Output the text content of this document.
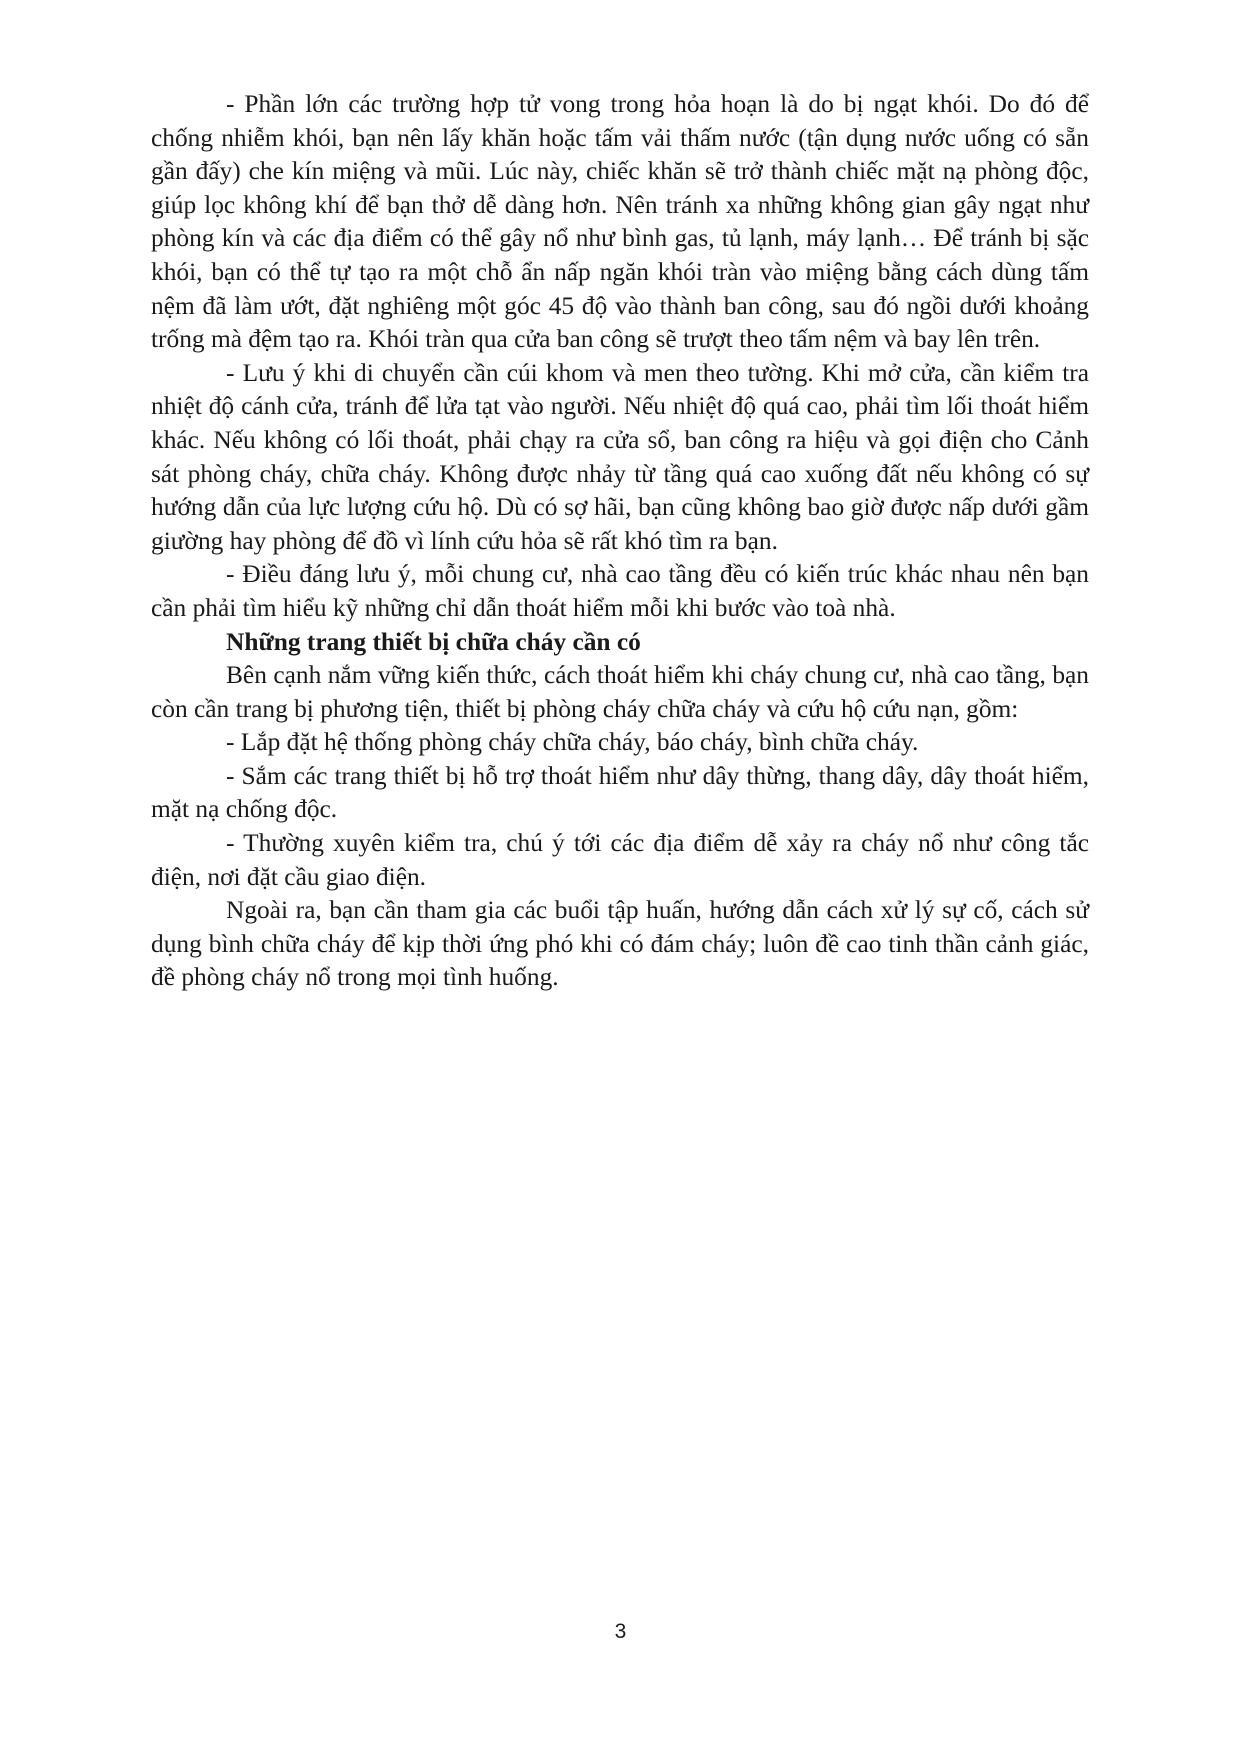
- Phần lớn các trường hợp tử vong trong hỏa hoạn là do bị ngạt khói. Do đó để chống nhiễm khói, bạn nên lấy khăn hoặc tấm vải thấm nước (tận dụng nước uống có sẵn gần đấy) che kín miệng và mũi. Lúc này, chiếc khăn sẽ trở thành chiếc mặt nạ phòng độc, giúp lọc không khí để bạn thở dễ dàng hơn. Nên tránh xa những không gian gây ngạt như phòng kín và các địa điểm có thể gây nổ như bình gas, tủ lạnh, máy lạnh… Để tránh bị sặc khói, bạn có thể tự tạo ra một chỗ ẩn nấp ngăn khói tràn vào miệng bằng cách dùng tấm nệm đã làm ướt, đặt nghiêng một góc 45 độ vào thành ban công, sau đó ngồi dưới khoảng trống mà đệm tạo ra. Khói tràn qua cửa ban công sẽ trượt theo tấm nệm và bay lên trên.

- Lưu ý khi di chuyển cần cúi khom và men theo tường. Khi mở cửa, cần kiểm tra nhiệt độ cánh cửa, tránh để lửa tạt vào người. Nếu nhiệt độ quá cao, phải tìm lối thoát hiểm khác. Nếu không có lối thoát, phải chạy ra cửa sổ, ban công ra hiệu và gọi điện cho Cảnh sát phòng cháy, chữa cháy. Không được nhảy từ tầng quá cao xuống đất nếu không có sự hướng dẫn của lực lượng cứu hộ. Dù có sợ hãi, bạn cũng không bao giờ được nấp dưới gầm giường hay phòng để đồ vì lính cứu hỏa sẽ rất khó tìm ra bạn.

- Điều đáng lưu ý, mỗi chung cư, nhà cao tầng đều có kiến trúc khác nhau nên bạn cần phải tìm hiểu kỹ những chỉ dẫn thoát hiểm mỗi khi bước vào toà nhà.

Những trang thiết bị chữa cháy cần có

Bên cạnh nắm vững kiến thức, cách thoát hiểm khi cháy chung cư, nhà cao tầng, bạn còn cần trang bị phương tiện, thiết bị phòng cháy chữa cháy và cứu hộ cứu nạn, gồm:

- Lắp đặt hệ thống phòng cháy chữa cháy, báo cháy, bình chữa cháy.

- Sắm các trang thiết bị hỗ trợ thoát hiểm như dây thừng, thang dây, dây thoát hiểm, mặt nạ chống độc.

- Thường xuyên kiểm tra, chú ý tới các địa điểm dễ xảy ra cháy nổ như công tắc điện, nơi đặt cầu giao điện.

Ngoài ra, bạn cần tham gia các buổi tập huấn, hướng dẫn cách xử lý sự cố, cách sử dụng bình chữa cháy để kịp thời ứng phó khi có đám cháy; luôn đề cao tinh thần cảnh giác, đề phòng cháy nổ trong mọi tình huống.

3
